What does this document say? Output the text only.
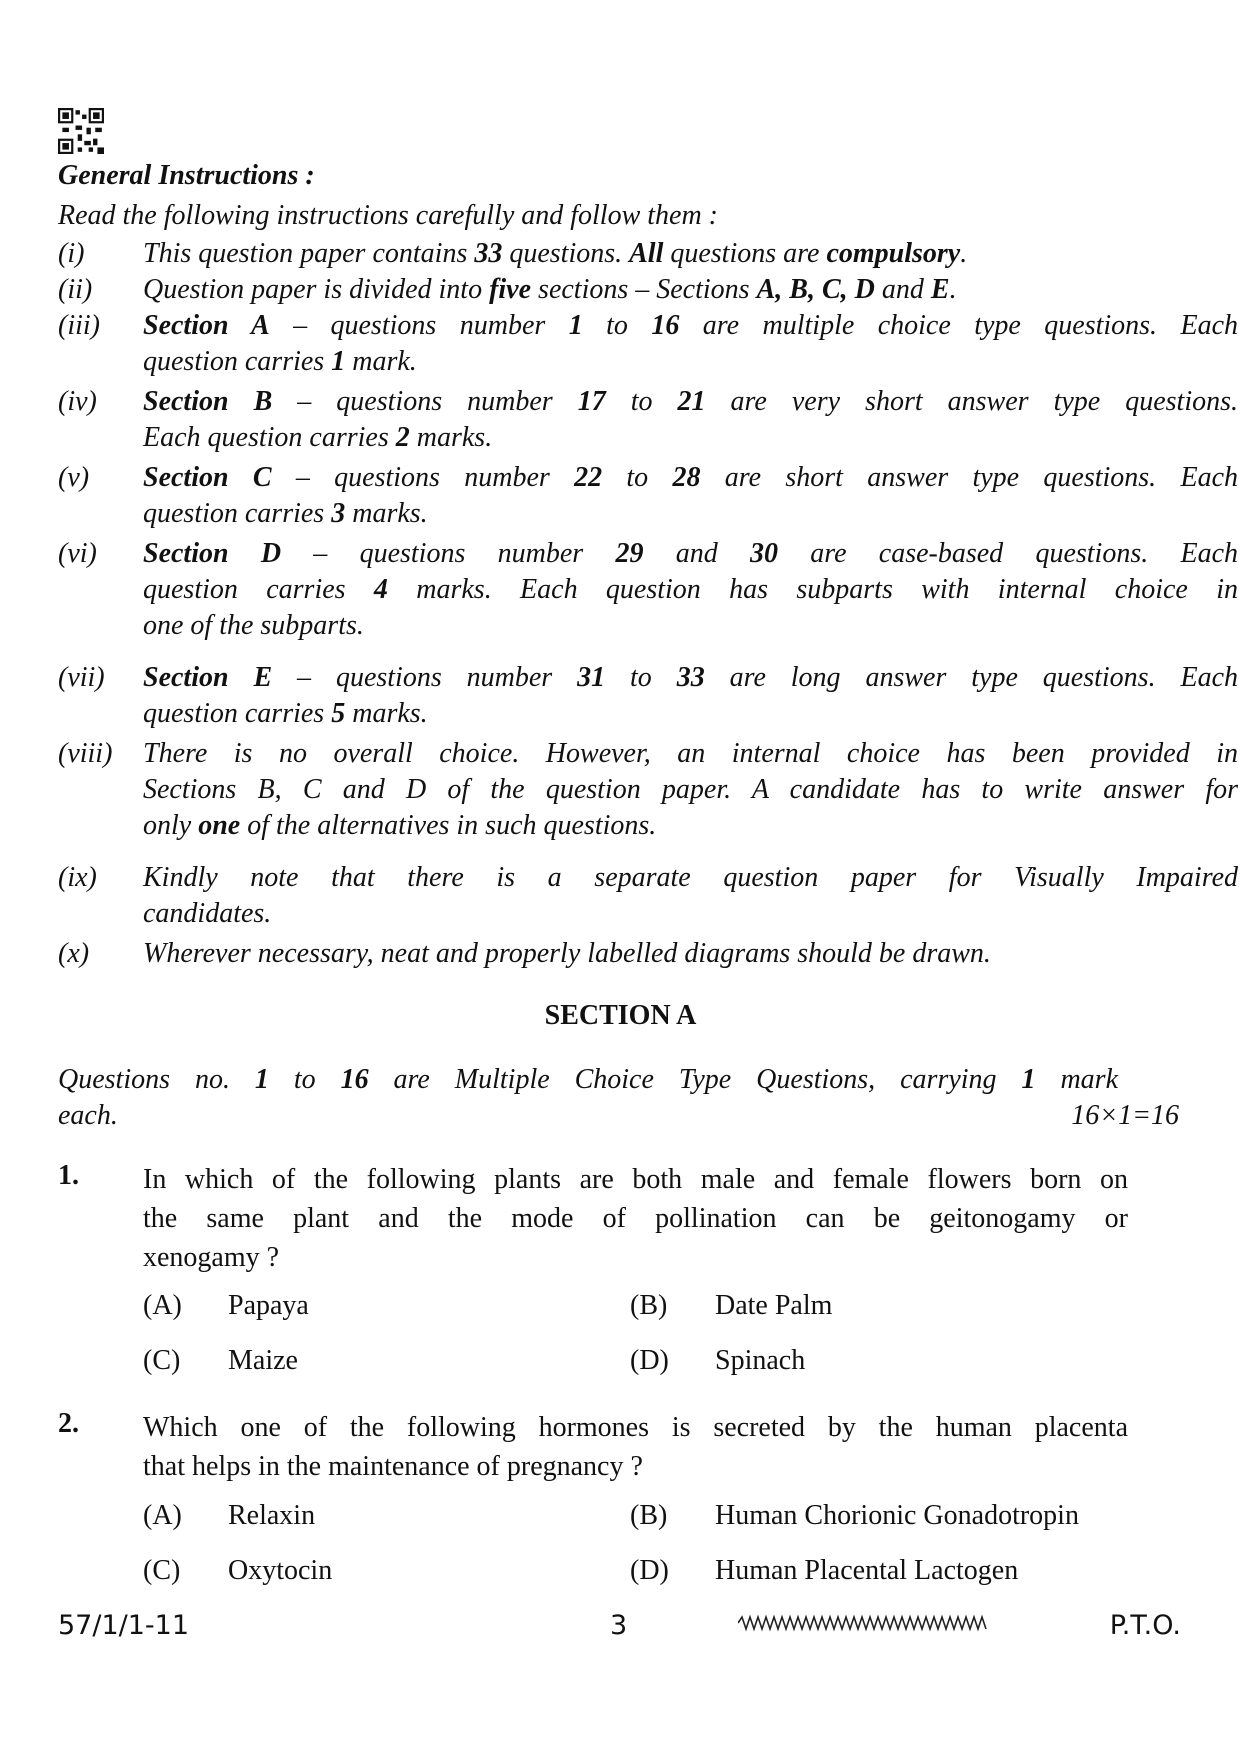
General Instructions :
Read the following instructions carefully and follow them :
(i) This question paper contains 33 questions. All questions are compulsory.
(ii) Question paper is divided into five sections – Sections A, B, C, D and E.
(iii) Section A – questions number 1 to 16 are multiple choice type questions. Each
question carries 1 mark.
(iv) Section B – questions number 17 to 21 are very short answer type questions.
Each question carries 2 marks.
(v) Section C – questions number 22 to 28 are short answer type questions. Each
question carries 3 marks.
(vi) Section D – questions number 29 and 30 are case-based questions. Each
question carries 4 marks. Each question has subparts with internal choice in
one of the subparts.
(vii) Section E – questions number 31 to 33 are long answer type questions. Each
question carries 5 marks.
(viii) There is no overall choice. However, an internal choice has been provided in
Sections B, C and D of the question paper. A candidate has to write answer for
only one of the alternatives in such questions.
(ix) Kindly note that there is a separate question paper for Visually Impaired
candidates.
(x) Wherever necessary, neat and properly labelled diagrams should be drawn.
SECTION A
Questions no. 1 to 16 are Multiple Choice Type Questions, carrying 1 mark
each.	16×1=16
1. In which of the following plants are both male and female flowers born on
the same plant and the mode of pollination can be geitonogamy or
xenogamy ?
(A) Papaya	(B) Date Palm
(C) Maize	(D) Spinach
2. Which one of the following hormones is secreted by the human placenta
that helps in the maintenance of pregnancy ?
(A) Relaxin	(B) Human Chorionic Gonadotropin
(C) Oxytocin	(D) Human Placental Lactogen
57/1/1-11	3	P.T.O.
